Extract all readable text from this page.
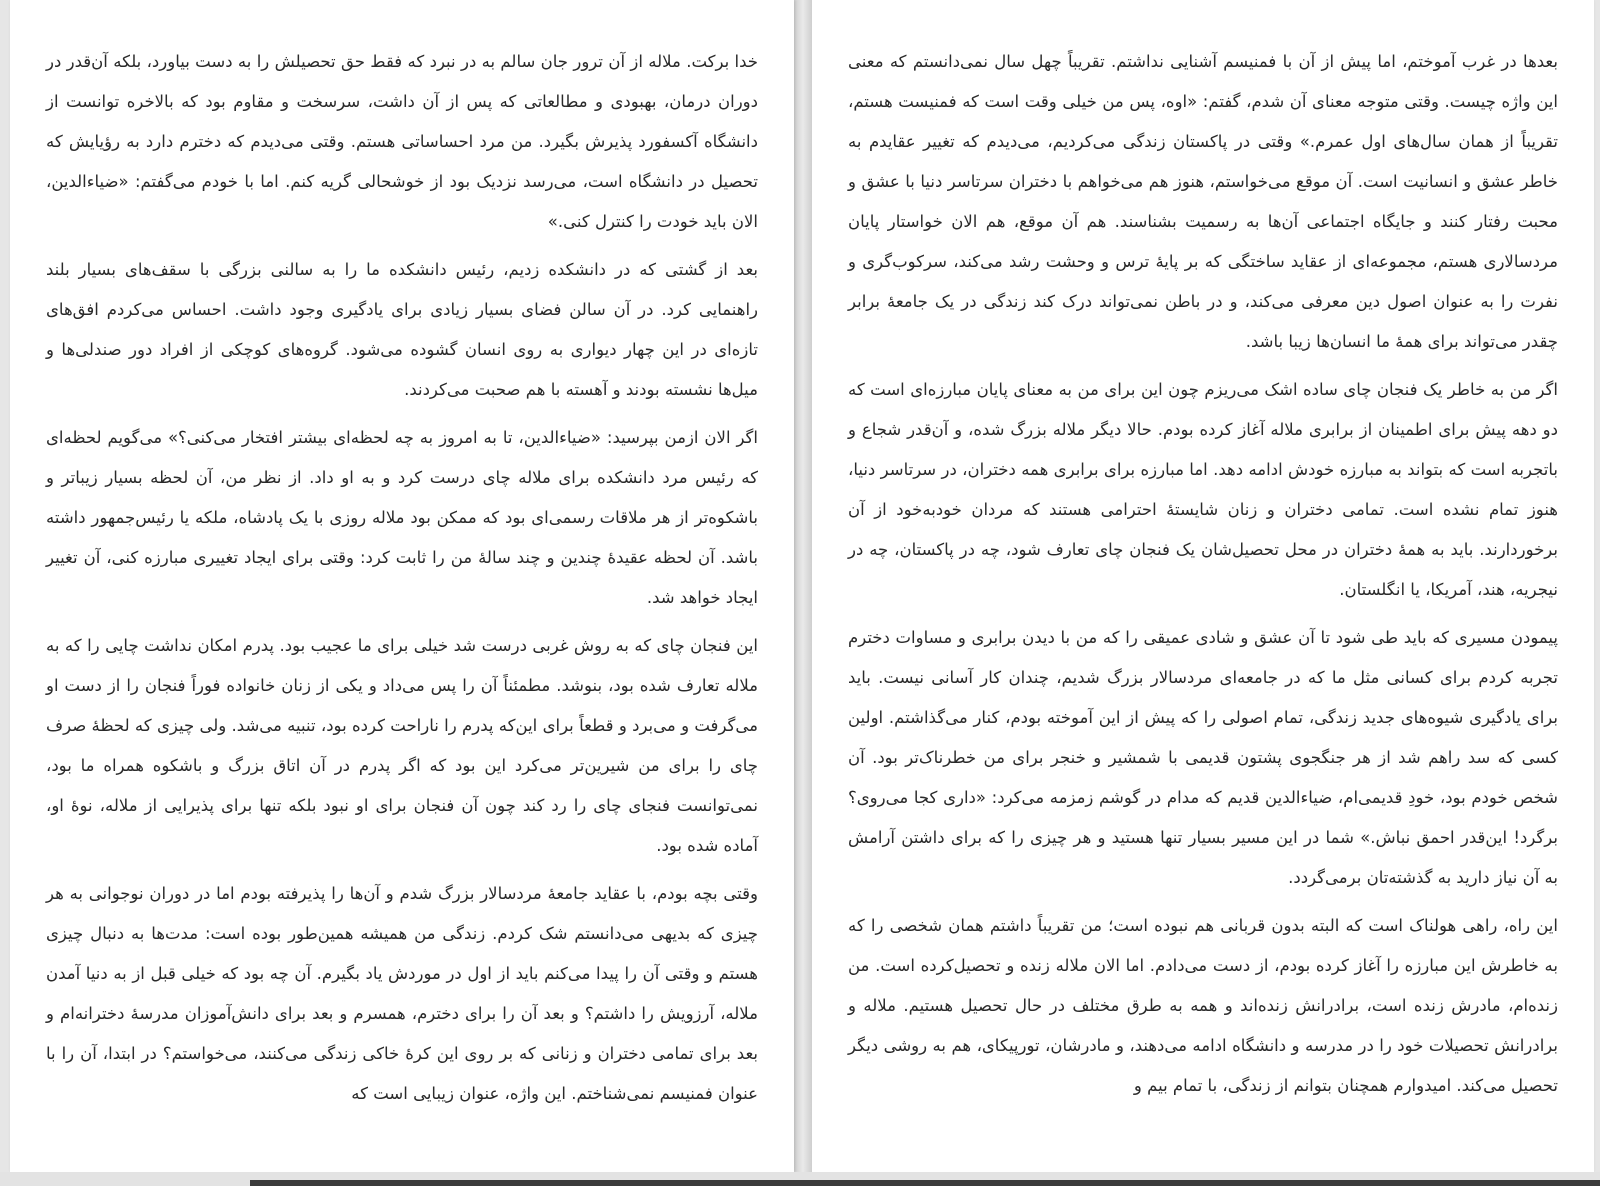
بعدها در غرب آموختم، اما پیش از آن با فمنیسم آشنایی نداشتم. تقریباً چهل سال نمی‌دانستم که معنی این واژه چیست. وقتی متوجه معنای آن شدم، گفتم: «اوه، پس من خیلی وقت است که فمنیست هستم، تقریباً از همان سال‌های اول عمرم.» وقتی در پاکستان زندگی می‌کردیم، می‌دیدم که تغییر عقایدم به خاطر عشق و انسانیت است. آن موقع می‌خواستم، هنوز هم می‌خواهم با دختران سرتاسر دنیا با عشق و محبت رفتار کنند و جایگاه اجتماعی آن‌ها به رسمیت بشناسند. هم آن موقع، هم الان خواستار پایان مردسالاری هستم، مجموعه‌ای از عقاید ساختگی که بر پایهٔ ترس و وحشت رشد می‌کند، سرکوب‌گری و نفرت را به عنوان اصول دین معرفی می‌کند، و در باطن نمی‌تواند درک کند زندگی در یک جامعهٔ برابر چقدر می‌تواند برای همهٔ ما انسان‌ها زیبا باشد.

اگر من به خاطر یک فنجان چای ساده اشک می‌ریزم چون این برای من به معنای پایان مبارزه‌ای است که دو دهه پیش برای اطمینان از برابری ملاله آغاز کرده بودم. حالا دیگر ملاله بزرگ شده، و آن‌قدر شجاع و باتجربه است که بتواند به مبارزه خودش ادامه دهد. اما مبارزه برای برابری همه دختران، در سرتاسر دنیا، هنوز تمام نشده است. تمامی دختران و زنان شایستهٔ احترامی هستند که مردان خودبه‌خود از آن برخوردارند. باید به همهٔ دختران در محل تحصیل‌شان یک فنجان چای تعارف شود، چه در پاکستان، چه در نیجریه، هند، آمریکا، یا انگلستان.

پیمودن مسیری که باید طی شود تا آن عشق و شادی عمیقی را که من با دیدن برابری و مساوات دخترم تجربه کردم برای کسانی مثل ما که در جامعه‌ای مردسالار بزرگ شدیم، چندان کار آسانی نیست. باید برای یادگیری شیوه‌های جدید زندگی، تمام اصولی را که پیش از این آموخته بودم، کنار می‌گذاشتم. اولین کسی که سد راهم شد از هر جنگجوی پشتون قدیمی با شمشیر و خنجر برای من خطرناک‌تر بود. آن شخص خودم بود، خودِ قدیمی‌ام، ضیاءالدین قدیم که مدام در گوشم زمزمه می‌کرد: «داری کجا می‌روی؟ برگرد! این‌قدر احمق نباش.» شما در این مسیر بسیار تنها هستید و هر چیزی را که برای داشتن آرامش به آن نیاز دارید به گذشته‌تان برمی‌گردد.

این راه، راهی هولناک است که البته بدون قربانی هم نبوده است؛ من تقریباً داشتم همان شخصی را که به خاطرش این مبارزه را آغاز کرده بودم، از دست می‌دادم. اما الان ملاله زنده و تحصیل‌کرده است. من زنده‌ام، مادرش زنده است، برادرانش زنده‌اند و همه به طرق مختلف در حال تحصیل هستیم. ملاله و برادرانش تحصیلات خود را در مدرسه و دانشگاه ادامه می‌دهند، و مادرشان، تورپیکای، هم به روشی دیگر تحصیل می‌کند. امیدوارم همچنان بتوانم از زندگی، با تمام بیم و

خدا برکت. ملاله از آن ترور جان سالم به در نبرد که فقط حق تحصیلش را به دست بیاورد، بلکه آن‌قدر در دوران درمان، بهبودی و مطالعاتی که پس از آن داشت، سرسخت و مقاوم بود که بالاخره توانست از دانشگاه آکسفورد پذیرش بگیرد. من مرد احساساتی هستم. وقتی می‌دیدم که دخترم دارد به رؤیایش که تحصیل در دانشگاه است، می‌رسد نزدیک بود از خوشحالی گریه کنم. اما با خودم می‌گفتم: «ضیاءالدین، الان باید خودت را کنترل کنی.»

بعد از گشتی که در دانشکده زدیم، رئیس دانشکده ما را به سالنی بزرگی با سقف‌های بسیار بلند راهنمایی کرد. در آن سالن فضای بسیار زیادی برای یادگیری وجود داشت. احساس می‌کردم افق‌های تازه‌ای در این چهار دیواری به روی انسان گشوده می‌شود. گروه‌های کوچکی از افراد دور صندلی‌ها و میل‌ها نشسته بودند و آهسته با هم صحبت می‌کردند.

اگر الان ازمن بپرسید: «ضیاءالدین، تا به امروز به چه لحظه‌ای بیشتر افتخار می‌کنی؟» می‌گویم لحظه‌ای که رئیس مرد دانشکده برای ملاله چای درست کرد و به او داد. از نظر من، آن لحظه بسیار زیباتر و باشکوه‌تر از هر ملاقات رسمی‌ای بود که ممکن بود ملاله روزی با یک پادشاه، ملکه یا رئیس‌جمهور داشته باشد. آن لحظه عقیدهٔ چندین و چند سالهٔ من را ثابت کرد: وقتی برای ایجاد تغییری مبارزه کنی، آن تغییر ایجاد خواهد شد.

این فنجان چای که به روش غربی درست شد خیلی برای ما عجیب بود. پدرم امکان نداشت چایی را که به ملاله تعارف شده بود، بنوشد. مطمئناً آن را پس می‌داد و یکی از زنان خانواده فوراً فنجان را از دست او می‌گرفت و می‌برد و قطعاً برای این‌که پدرم را ناراحت کرده بود، تنبیه می‌شد. ولی چیزی که لحظهٔ صرف چای را برای من شیرین‌تر می‌کرد این بود که اگر پدرم در آن اتاق بزرگ و باشکوه همراه ما بود، نمی‌توانست فنجای چای را رد کند چون آن فنجان برای او نبود بلکه تنها برای پذیرایی از ملاله، نوهٔ او، آماده شده بود.

وقتی بچه بودم، با عقاید جامعهٔ مردسالار بزرگ شدم و آن‌ها را پذیرفته بودم اما در دوران نوجوانی به هر چیزی که بدیهی می‌دانستم شک کردم. زندگی من همیشه همین‌طور بوده است: مدت‌ها به دنبال چیزی هستم و وقتی آن را پیدا می‌کنم باید از اول در موردش یاد بگیرم. آن چه بود که خیلی قبل از به دنیا آمدن ملاله، آرزویش را داشتم؟ و بعد آن را برای دخترم، همسرم و بعد برای دانش‌آموزان مدرسهٔ دخترانه‌ام و بعد برای تمامی دختران و زنانی که بر روی این کرهٔ خاکی زندگی می‌کنند، می‌خواستم؟ در ابتدا، آن را با عنوان فمنیسم نمی‌شناختم. این واژه، عنوان زیبایی است که
